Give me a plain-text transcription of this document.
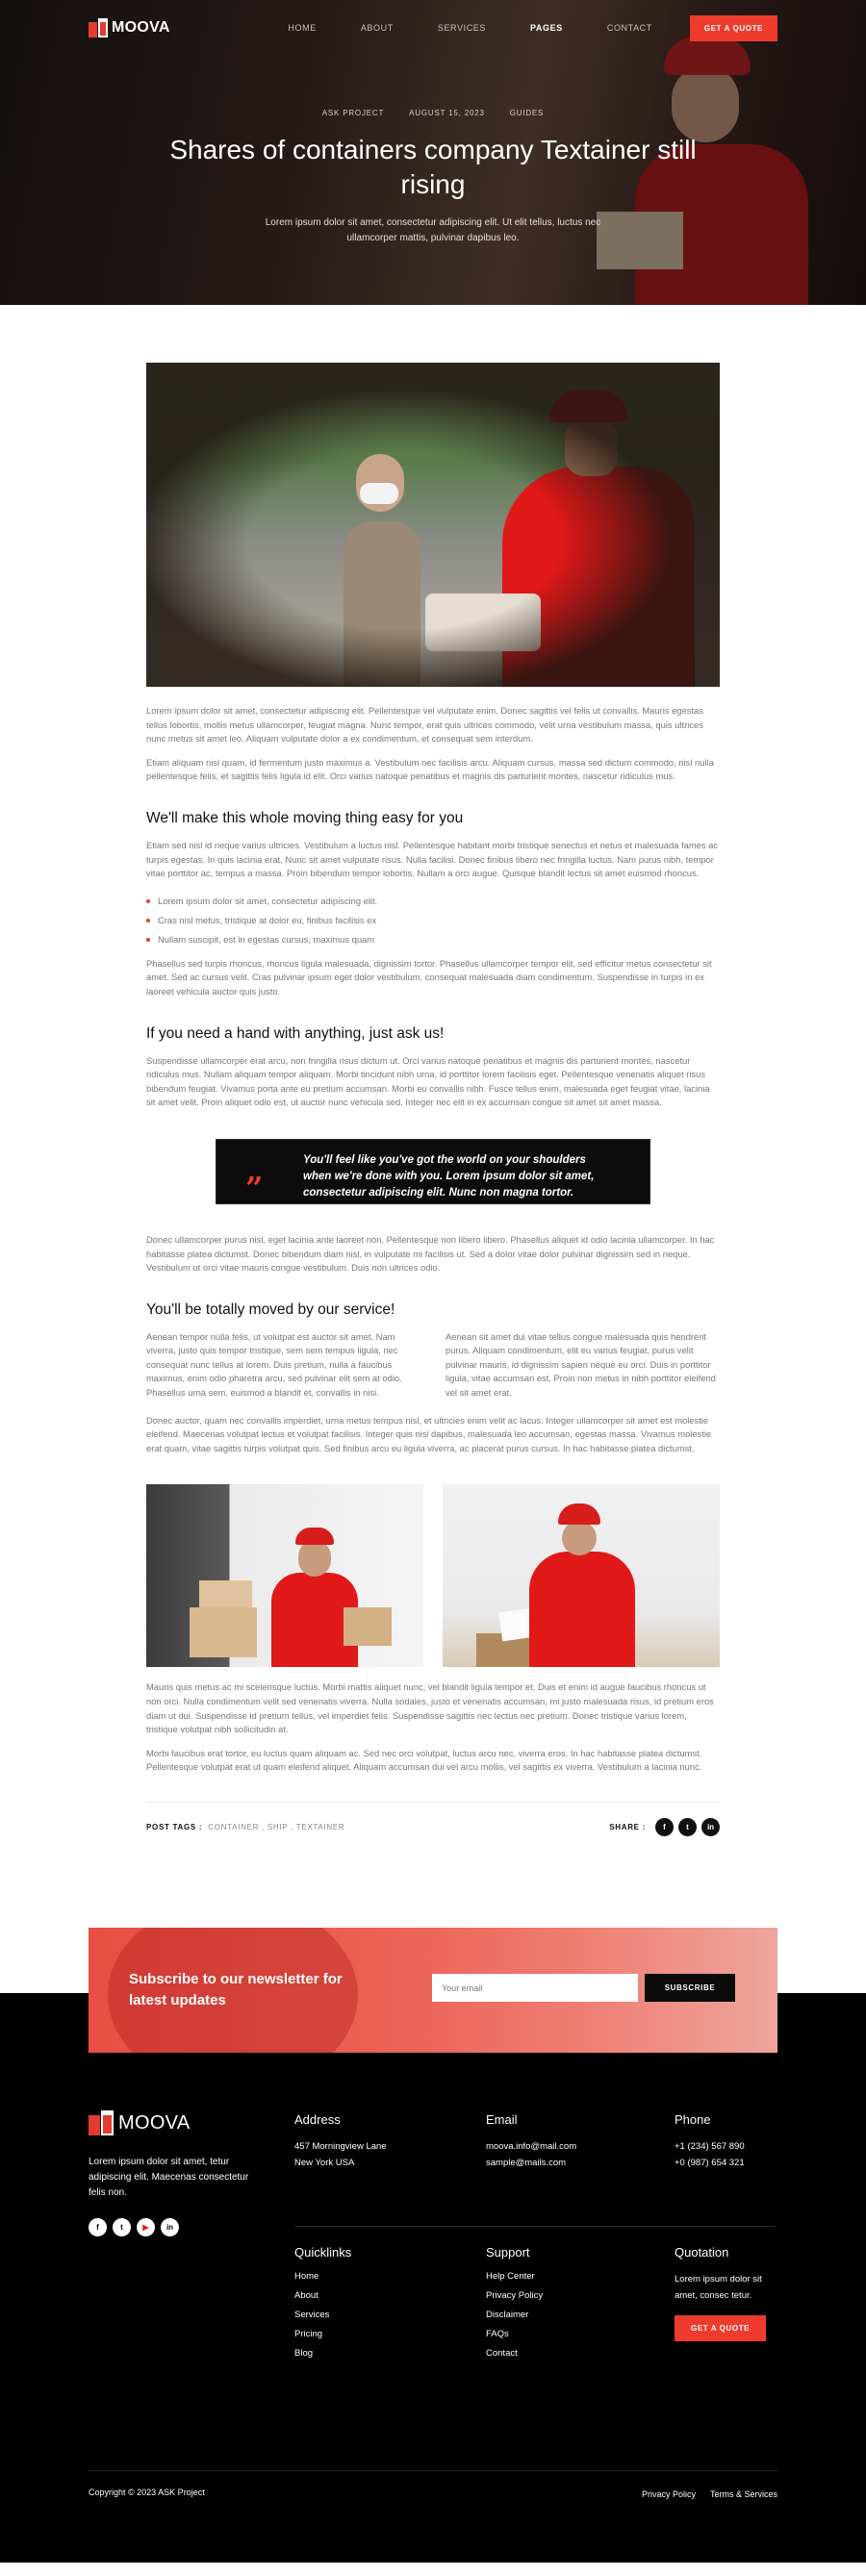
MOOVA	HOME	ABOUT	SERVICES	PAGES	CONTACT	GET A QUOTE
ASK PROJECT	AUGUST 15, 2023	GUIDES
Shares of containers company Textainer still rising

Lorem ipsum dolor sit amet, consectetur adipiscing elit. Ut elit tellus, luctus nec ullamcorper mattis, pulvinar dapibus leo.

Lorem ipsum dolor sit amet, consectetur adipiscing elit. Pellentesque vel vulputate enim. Donec sagittis vel felis ut convallis. Mauris egestas tellus lobortis, mollis metus ullamcorper, feugiat magna. Nunc tempor, erat quis ultrices commodo, velit urna vestibulum massa, quis ultrices nunc metus sit amet leo. Aliquam vulputate dolor a ex condimentum, et consequat sem interdum.

Etiam aliquam nisl quam, id fermentum justo maximus a. Vestibulum nec facilisis arcu. Aliquam cursus, massa sed dictum commodo, nisl nulla pellentesque felis, et sagittis felis ligula id elit. Orci varius natoque penatibus et magnis dis parturient montes, nascetur ridiculus mus.

We'll make this whole moving thing easy for you

Etiam sed nisl id neque varius ultricies. Vestibulum a luctus nisl. Pellentesque habitant morbi tristique senectus et netus et malesuada fames ac turpis egestas. In quis lacinia erat. Nunc sit amet vulputate risus. Nulla facilisi. Donec finibus libero nec fringilla luctus. Nam purus nibh, tempor vitae porttitor ac, tempus a massa. Proin bibendum tempor lobortis. Nullam a orci augue. Quisque blandit lectus sit amet euismod rhoncus.

Lorem ipsum dolor sit amet, consectetur adipiscing elit.
Cras nisl metus, tristique at dolor eu, finibus facilisis ex
Nullam suscipit, est in egestas cursus, maximus quam

Phasellus sed turpis rhoncus, rhoncus ligula malesuada, dignissim tortor. Phasellus ullamcorper tempor elit, sed efficitur metus consectetur sit amet. Sed ac cursus velit. Cras pulvinar ipsum eget dolor vestibulum, consequat malesuada diam condimentum. Suspendisse in turpis in ex laoreet vehicula auctor quis justo.

If you need a hand with anything, just ask us!

Suspendisse ullamcorper erat arcu, non fringilla risus dictum ut. Orci varius natoque penatibus et magnis dis parturient montes, nascetur ridiculus mus. Nullam aliquam tempor aliquam. Morbi tincidunt nibh urna, id porttitor lorem facilisis eget. Pellentesque venenatis aliquet risus bibendum feugiat. Vivamus porta ante eu pretium accumsan. Morbi eu convallis nibh. Fusce tellus enim, malesuada eget feugiat vitae, lacinia sit amet velit. Proin aliquet odio est, ut auctor nunc vehicula sed. Integer nec elit in ex accumsan congue sit amet sit amet massa.

”

You'll feel like you've got the world on your shoulders when we're done with you. Lorem ipsum dolor sit amet, consectetur adipiscing elit. Nunc non magna tortor.

Donec ullamcorper purus nisl, eget lacinia ante laoreet non. Pellentesque non libero libero. Phasellus aliquet id odio lacinia ullamcorper. In hac habitasse platea dictumst. Donec bibendum diam nisl, in vulputate mi facilisis ut. Sed a dolor vitae dolor pulvinar dignissim sed in neque. Vestibulum ut orci vitae mauris congue vestibulum. Duis non ultrices odio.

You'll be totally moved by our service!

Aenean tempor nulla felis, ut volutpat est auctor sit amet. Nam viverra, justo quis tempor tristique, sem sem tempus ligula, nec consequat nunc tellus at lorem. Duis pretium, nulla a faucibus maximus, enim odio pharetra arcu, sed pulvinar elit sem at odio. Phasellus urna sem, euismod a blandit et, convallis in nisi.

Aenean sit amet dui vitae tellus congue malesuada quis hendrerit purus. Aliquam condimentum, elit eu varius feugiat, purus velit pulvinar mauris, id dignissim sapien neque eu orci. Duis in porttitor ligula, vitae accumsan est. Proin non metus in nibh porttitor eleifend vel sit amet erat.

Donec auctor, quam nec convallis imperdiet, urna metus tempus nisl, et ultricies enim velit ac lacus. Integer ullamcorper sit amet est molestie eleifend. Maecenas volutpat lectus et volutpat facilisis. Integer quis nisl dapibus, malesuada leo accumsan, egestas massa. Vivamus molestie erat quam, vitae sagittis turpis volutpat quis. Sed finibus arcu eu ligula viverra, ac placerat purus cursus. In hac habitasse platea dictumst.

Mauris quis metus ac mi scelerisque luctus. Morbi mattis aliquet nunc, vel blandit ligula tempor et. Duis et enim id augue faucibus rhoncus ut non orci. Nulla condimentum velit sed venenatis viverra. Nulla sodales, justo et venenatis accumsan, mi justo malesuada risus, id pretium eros diam ut dui. Suspendisse id pretium tellus, vel imperdiet felis. Suspendisse sagittis nec lectus nec pretium. Donec tristique varius lorem, tristique volutpat nibh sollicitudin at.

Morbi faucibus erat tortor, eu luctus quam aliquam ac. Sed nec orci volutpat, luctus arcu nec, viverra eros. In hac habitasse platea dictumst. Pellentesque volutpat erat ut quam eleifend aliquet. Aliquam accumsan dui vel arcu mollis, vel sagittis ex viverra. Vestibulum a lacinia nunc.

POST TAGS : CONTAINER , SHIP , TEXTAINER	SHARE :	f	t	in
Subscribe to our newsletter for latest updates
Your email
SUBSCRIBE
MOOVA

Lorem ipsum dolor sit amet, tetur adipiscing elit. Maecenas consectetur felis non.

f	t	▶	in
Address
457 Morningview Lane
New York USA
Email
moova.info@mail.com
sample@mails.com
Phone
+1 (234) 567 890
+0 (987) 654 321
Quicklinks
Home
About
Services
Pricing
Blog
Support
Help Center
Privacy Policy
Disclaimer
FAQs
Contact
Quotation
Lorem ipsum dolor sit amet, consec tetur.
GET A QUOTE
Copyright © 2023 ASK Project	Privacy Policy Terms & Services
